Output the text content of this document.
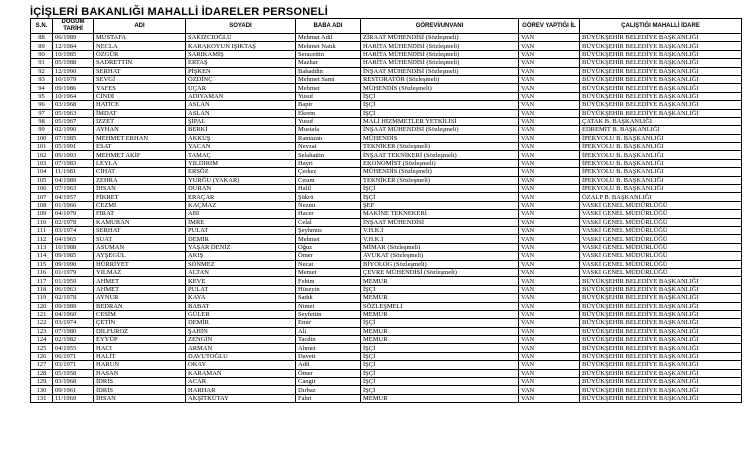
İÇİŞLERİ BAKANLIĞI MAHALLİ İDARELER PERSONELİ
S.N.	DOĞUM TARİHİ	ADI	SOYADI	BABA ADI	GÖREVİ/UNVANI	GÖREV YAPTIĞI İL	ÇALIŞTIĞI MAHALLİ İDARE
88	06/1989	MUSTAFA	SAKIZCIOĞLU	Mehmet Adil	ZİRAAT MÜHENDİSİ (Sözleşmeli)	VAN	BÜYÜKŞEHİR BELEDİYE BAŞKANLIĞI
89	12/1984	NECLA	KARAKOYUN IŞIKTAŞ	Mehmet Natık	HARİTA MÜHENDİSİ (Sözleşmeli)	VAN	BÜYÜKŞEHİR BELEDİYE BAŞKANLIĞI
90	10/1985	ÖZGÜR	SARIKAMIŞ	Seracettin	HARİTA MÜHENDİSİ (Sözleşmeli)	VAN	BÜYÜKŞEHİR BELEDİYE BAŞKANLIĞI
91	05/1988	SADRETTİN	ERTAŞ	Mazhar	HARİTA MÜHENDİSİ (Sözleşmeli)	VAN	BÜYÜKŞEHİR BELEDİYE BAŞKANLIĞI
92	12/1990	SERHAT	PİŞKEN	Bahaddin	İNŞAAT MÜHENDİSİ (Sözleşmeli)	VAN	BÜYÜKŞEHİR BELEDİYE BAŞKANLIĞI
93	10/1979	SEVGİ	ÖZDİNÇ	Mehmet Sami	RESTORATÖR (Sözleşmeli)	VAN	BÜYÜKŞEHİR BELEDİYE BAŞKANLIĞI
94	09/1986	YAFES	UÇAR	Mehmet	MÜHENDİS (Sözleşmeli)	VAN	BÜYÜKŞEHİR BELEDİYE BAŞKANLIĞI
95	10/1964	CİNDİ	ADIYAMAN	Yusuf	İŞÇİ	VAN	BÜYÜKŞEHİR BELEDİYE BAŞKANLIĞI
96	03/1968	HATİCE	ASLAN	Bapir	İŞÇİ	VAN	BÜYÜKŞEHİR BELEDİYE BAŞKANLIĞI
97	05/1963	İMDAT	ASLAN	Ekrem	İŞÇİ	VAN	BÜYÜKŞEHİR BELEDİYE BAŞKANLIĞI
98	05/1967	İZZET	ŞİPAL	Yusuf	MALİ HİZMMETLER YETKİLİSİ	VAN	ÇATAK B. BAŞKANLIĞI
99	02/1990	AYHAN	BERKİ	Mustafa	İNŞAAT MÜHENDİSİ (Sözleşmeli)	VAN	EDREMİT B. BAŞKANLIĞI
100	07/1985	MEHMET ERHAN	AKKUŞ	Ramazan	MÜHENDİS	VAN	İPEKYOLU B. BAŞKANLIĞI
101	05/1991	ESAT	YACAN	Nevzat	TEKNİKER (Sözleşmeli)	VAN	İPEKYOLU B. BAŞKANLIĞI
102	09/1993	MEHMET AKİF	TAMAÇ	Selahattin	İNŞAAT TEKNİKERİ (Sözleşmeli)	VAN	İPEKYOLU B. BAŞKANLIĞI
103	07/1983	LEYLA	YILDIRIM	Hayri	EKONOMİST (Sözleşmeli)	VAN	İPEKYOLU B. BAŞKANLIĞI
104	11/1981	CİHAT	ERSÖZ	Çerkez	MÜHENDİS (Sözleşmeli)	VAN	İPEKYOLU B. BAŞKANLIĞI
105	04/1989	ZEHRA	YURĞU (YAKAR)	Cesım	TEKNİKER (Sözleşmeli)	VAN	İPEKYOLU B. BAŞKANLIĞI
106	07/1963	İHSAN	DURAN	Halil	İŞÇİ	VAN	İPEKYOLU B. BAŞKANLIĞI
107	04/1957	FİKRET	ERAÇAR	Şükrü	İŞÇİ	VAN	ÖZALP B. BAŞKANLIĞI
108	01/1966	CEZMİ	KAÇMAZ	Nezmi	ŞEF	VAN	VASKİ GENEL MÜDÜRLÜĞÜ
109	04/1979	FIRAT	ABI	Hacer	MAKİNE TEKNEKERİ	VAN	VASKİ GENEL MÜDÜRLÜĞÜ
110	02/1978	KAMURAN	İMRE	Celal	İNŞAAT MÜHENDİSİ	VAN	VASKİ GENEL MÜDÜRLÜĞÜ
111	03/1974	SERHAT	PULAT	Şeyhmus	V.H.K.İ	VAN	VASKİ GENEL MÜDÜRLÜĞÜ
112	04/1965	SUAT	DEMİR	Mehmet	V.H.K.İ	VAN	VASKİ GENEL MÜDÜRLÜĞÜ
113	10/1988	ASUMAN	YAŞAR DENİZ	Oğuz	MİMAR (Sözleşmeli)	VAN	VASKİ GENEL MÜDÜRLÜĞÜ
114	09/1985	AYŞEGÜL	AKIŞ	Ömer	AVUKAT (Sözleşmeli)	VAN	VASKİ GENEL MÜDÜRLÜĞÜ
115	09/1990	HÜRRİYET	SÖNMEZ	Necat	BİYOLOG (Sözleşmeli)	VAN	VASKİ GENEL MÜDÜRLÜĞÜ
116	01/1979	YILMAZ	ALTAN	Memet	ÇEVRE MÜHENDİSİ (Sözleşmeli)	VAN	VASKİ GENEL MÜDÜRLÜĞÜ
117	01/1959	AHMET	KEVE	Fehim	MEMUR	VAN	BÜYÜKŞEHİR BELEDİYE BAŞKANLIĞI
118	06/1963	AHMET	PULAT	Hüseyin	İŞÇİ	VAN	BÜYÜKŞEHİR BELEDİYE BAŞKANLIĞI
119	02/1978	AYNUR	KAYA	Sadık	MEMUR	VAN	BÜYÜKŞEHİR BELEDİYE BAŞKANLIĞI
120	09/1989	BEDRAN	BABAT	Nimet	SÖZLEŞMELİ	VAN	BÜYÜKŞEHİR BELEDİYE BAŞKANLIĞI
121	04/1960	CESİM	GÜLER	Seyfettin	MEMUR	VAN	BÜYÜKŞEHİR BELEDİYE BAŞKANLIĞI
122	03/1974	ÇETİN	DEMİR	Emir	İŞÇİ	VAN	BÜYÜKŞEHİR BELEDİYE BAŞKANLIĞI
123	07/1980	DİLFUROZ	ŞAHİN	Ali	MEMUR	VAN	BÜYÜKŞEHİR BELEDİYE BAŞKANLIĞI
124	02/1982	EYYÜP	ZENGİN	Tacdin	MEMUR	VAN	BÜYÜKŞEHİR BELEDİYE BAŞKANLIĞI
125	04/1955	HACI	ARMAN	Ahmet	İŞÇİ	VAN	BÜYÜKŞEHİR BELEDİYE BAŞKANLIĞI
126	06/1971	HALİT	DAVUTOĞLU	Daveti	İŞÇİ	VAN	BÜYÜKŞEHİR BELEDİYE BAŞKANLIĞI
127	03/1971	HARUN	OKAY	Adil	İŞÇİ	VAN	BÜYÜKŞEHİR BELEDİYE BAŞKANLIĞI
128	05/1958	HASAN	KARAMAN	Ömer	İŞÇİ	VAN	BÜYÜKŞEHİR BELEDİYE BAŞKANLIĞI
129	03/1968	İDRİS	ACAR	Cangir	İŞÇİ	VAN	BÜYÜKŞEHİR BELEDİYE BAŞKANLIĞI
130	09/1961	İDRİS	HARHAR	Dırbaz	İŞÇİ	VAN	BÜYÜKŞEHİR BELEDİYE BAŞKANLIĞI
131	11/1969	İHSAN	AKŞİTKÜTAY	Fahri	MEMUR	VAN	BÜYÜKŞEHİR BELEDİYE BAŞKANLIĞI
